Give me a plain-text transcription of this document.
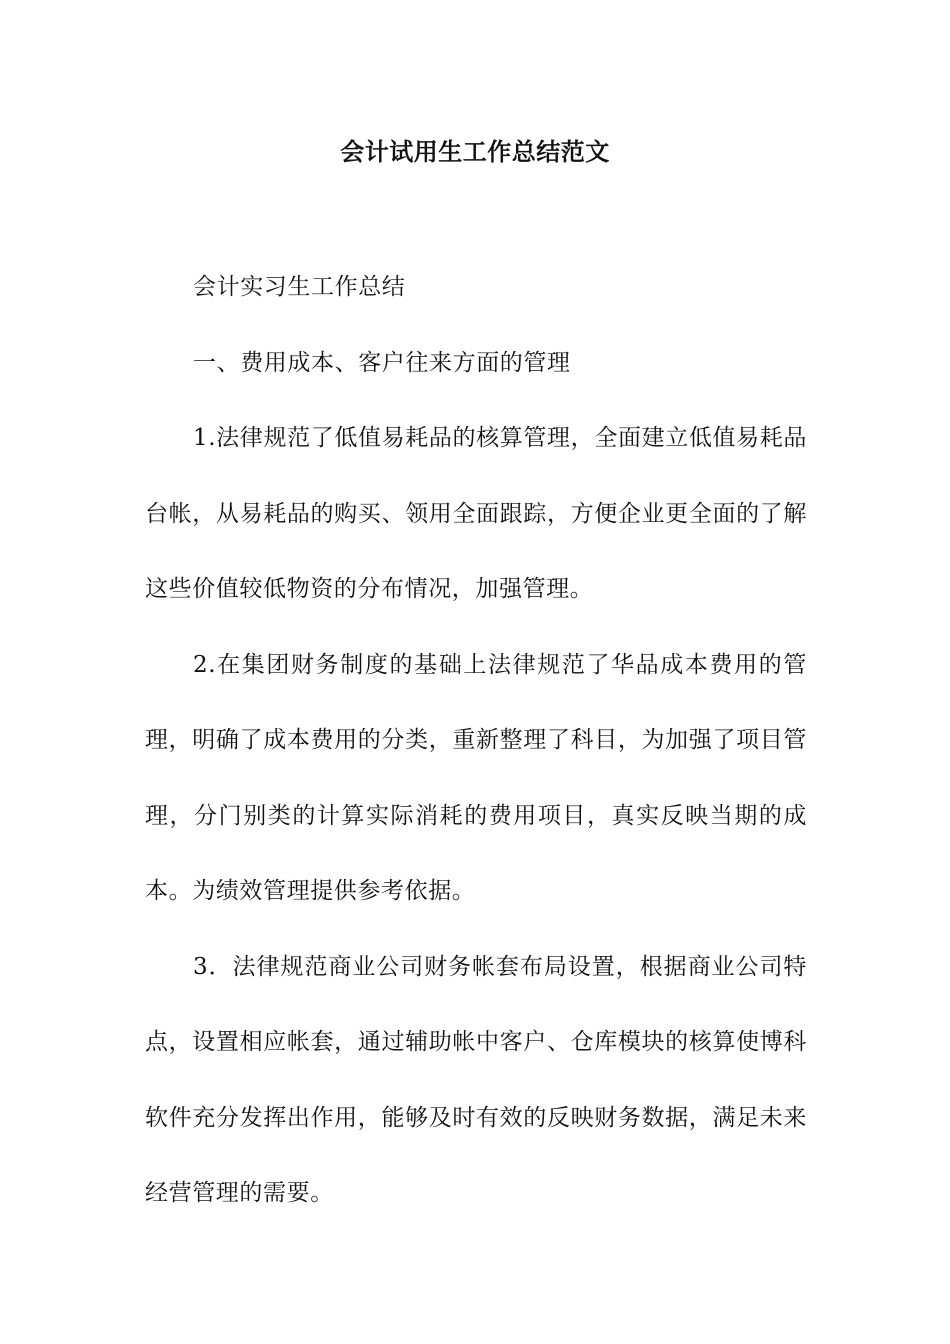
会计试用生工作总结范文

会计实习生工作总结

一、费用成本、客户往来方面的管理

1.法律规范了低值易耗品的核算管理，全面建立低值易耗品台帐，从易耗品的购买、领用全面跟踪，方便企业更全面的了解这些价值较低物资的分布情况，加强管理。

2.在集团财务制度的基础上法律规范了华品成本费用的管理，明确了成本费用的分类，重新整理了科目，为加强了项目管理，分门别类的计算实际消耗的费用项目，真实反映当期的成本。为绩效管理提供参考依据。

3．法律规范商业公司财务帐套布局设置，根据商业公司特点，设置相应帐套，通过辅助帐中客户、仓库模块的核算使博科软件充分发挥出作用，能够及时有效的反映财务数据，满足未来经营管理的需要。
